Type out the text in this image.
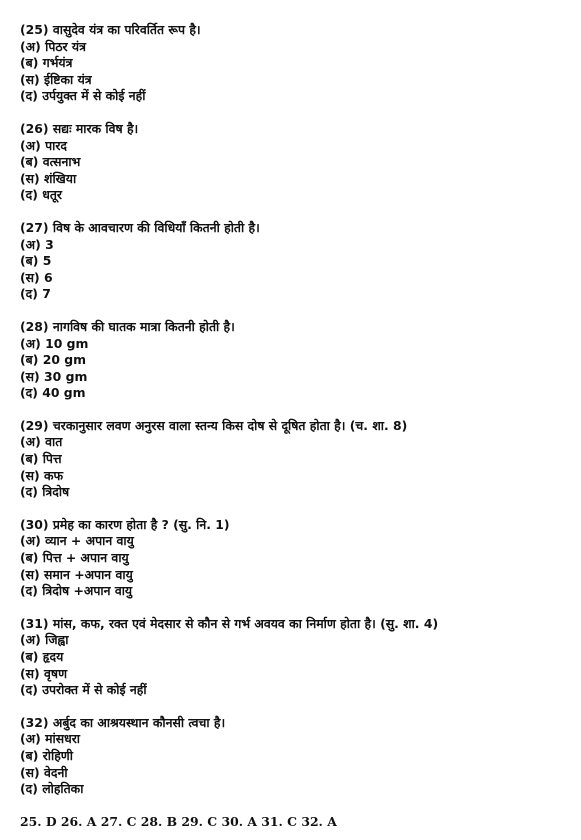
(25) वासुदेव यंत्र का परिवर्तित रूप है।
(अ) पिठर यंत्र
(ब) गर्भयंत्र
(स) ईष्टिका यंत्र
(द) उर्पयुक्त में से कोई नहीं
(26) सद्यः मारक विष है।
(अ) पारद
(ब) वत्सनाभ
(स) शंखिया
(द) धतूर
(27) विष के आवचारण की विधियाँ कितनी होती है।
(अ) 3
(ब) 5
(स) 6
(द) 7
(28) नागविष की घातक मात्रा कितनी होती है।
(अ) 10 gm
(ब) 20 gm
(स) 30 gm
(द) 40 gm
(29) चरकानुसार लवण अनुरस वाला स्तन्य किस दोष से दूषित होता है। (च. शा. 8)
(अ) वात
(ब) पित्त
(स) कफ
(द) त्रिदोष
(30) प्रमेह का कारण होता है ? (सु. नि. 1)
(अ) व्यान + अपान वायु
(ब) पित्त + अपान वायु
(स) समान +अपान वायु
(द) त्रिदोष +अपान वायु
(31) मांस, कफ, रक्त एवं मेदसार से कौन से गर्भ अवयव का निर्माण होता है। (सु. शा. 4)
(अ) जिह्वा
(ब) हृदय
(स) वृषण
(द) उपरोक्त में से कोई नहीं
(32) अर्बुद का आश्रयस्थान कौनसी त्वचा है।
(अ) मांसधरा
(ब) रोहिणी
(स) वेदनी
(द) लोहतिका
25. D 26. A 27. C 28. B 29. C 30. A 31. C 32. A
